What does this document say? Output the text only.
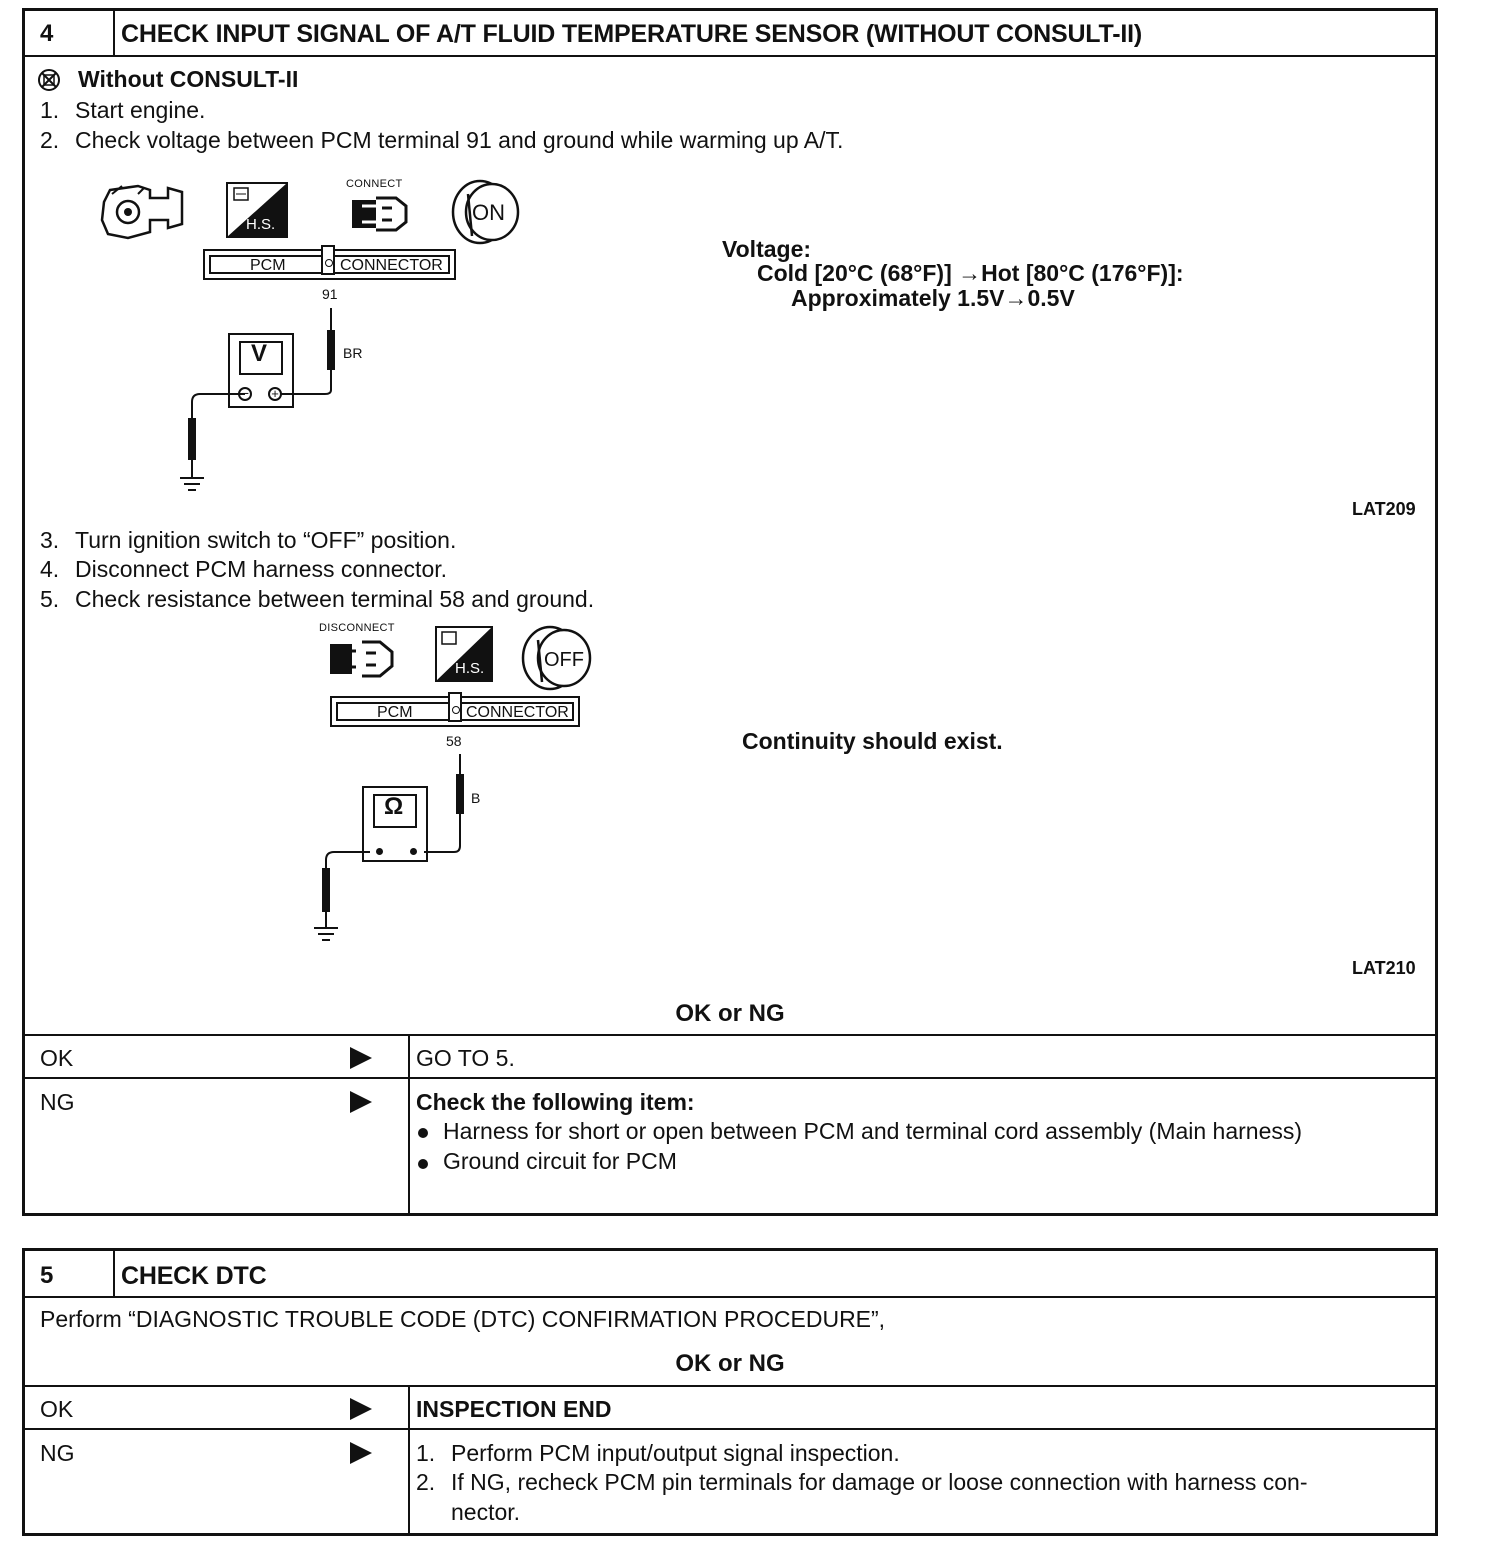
4	CHECK INPUT SIGNAL OF A/T FLUID TEMPERATURE SENSOR (WITHOUT CONSULT-II)
Without CONSULT-II
1. Start engine.
2. Check voltage between PCM terminal 91 and ground while warming up A/T.
H.S.
CONNECT
ON
PCM	CONNECTOR
91
− +
V	BR
LAT209
Voltage:
Cold [20°C (68°F)] →Hot [80°C (176°F)]:
Approximately 1.5V→0.5V
3. Turn ignition switch to “OFF” position.
4. Disconnect PCM harness connector.
5. Check resistance between terminal 58 and ground.
DISCONNECT
H.S.	OFF
PCM	CONNECTOR
58
Ω	B
LAT210
Continuity should exist.
OK or NG
OK	GO TO 5.
NG	Check the following item:
Harness for short or open between PCM and terminal cord assembly (Main harness)
Ground circuit for PCM
5	CHECK DTC
Perform “DIAGNOSTIC TROUBLE CODE (DTC) CONFIRMATION PROCEDURE”,
OK or NG
OK	INSPECTION END
NG	1. Perform PCM input/output signal inspection.
2. If NG, recheck PCM pin terminals for damage or loose connection with harness con-
nector.
